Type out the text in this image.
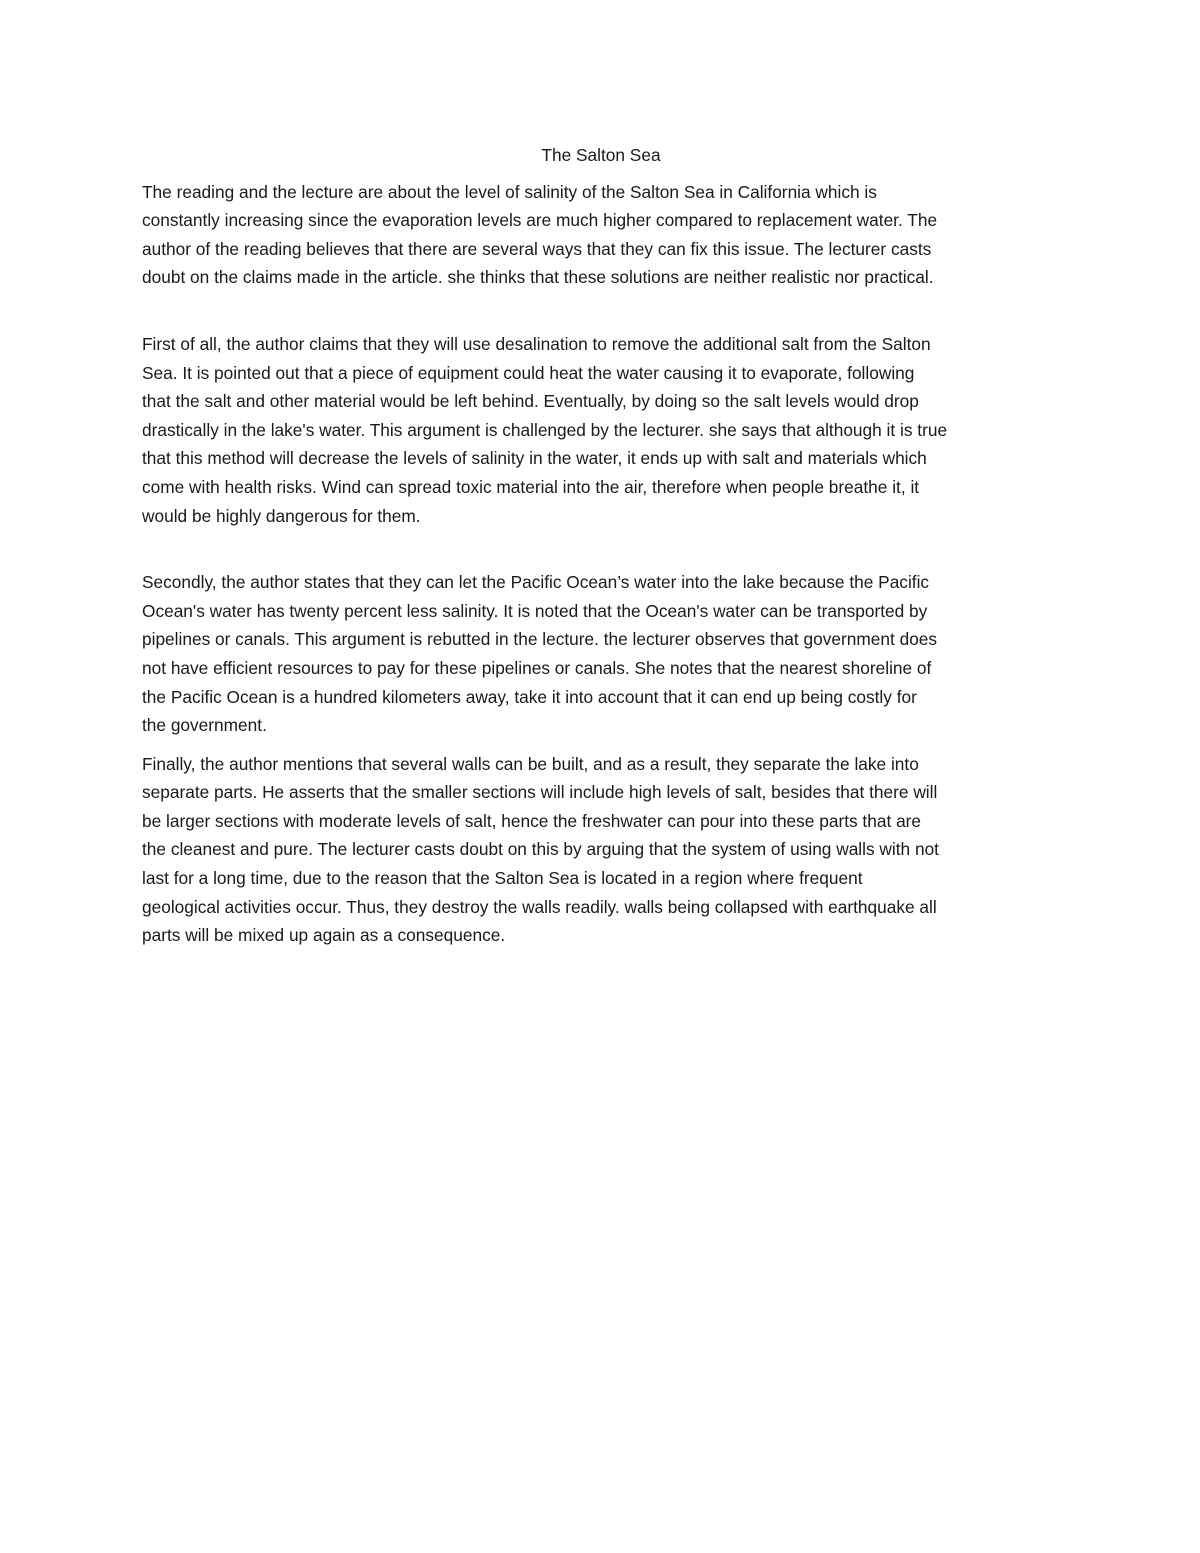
The Salton Sea

The reading and the lecture are about the level of salinity of the Salton Sea in California which is
constantly increasing since the evaporation levels are much higher compared to replacement water. The
author of the reading believes that there are several ways that they can fix this issue. The lecturer casts
doubt on the claims made in the article. she thinks that these solutions are neither realistic nor practical.

First of all, the author claims that they will use desalination to remove the additional salt from the Salton
Sea. It is pointed out that a piece of equipment could heat the water causing it to evaporate, following
that the salt and other material would be left behind. Eventually, by doing so the salt levels would drop
drastically in the lake's water. This argument is challenged by the lecturer. she says that although it is true
that this method will decrease the levels of salinity in the water, it ends up with salt and materials which
come with health risks. Wind can spread toxic material into the air, therefore when people breathe it, it
would be highly dangerous for them.

Secondly, the author states that they can let the Pacific Ocean’s water into the lake because the Pacific
Ocean's water has twenty percent less salinity. It is noted that the Ocean's water can be transported by
pipelines or canals. This argument is rebutted in the lecture. the lecturer observes that government does
not have efficient resources to pay for these pipelines or canals. She notes that the nearest shoreline of
the Pacific Ocean is a hundred kilometers away, take it into account that it can end up being costly for
the government.

Finally, the author mentions that several walls can be built, and as a result, they separate the lake into
separate parts. He asserts that the smaller sections will include high levels of salt, besides that there will
be larger sections with moderate levels of salt, hence the freshwater can pour into these parts that are
the cleanest and pure. The lecturer casts doubt on this by arguing that the system of using walls with not
last for a long time, due to the reason that the Salton Sea is located in a region where frequent
geological activities occur. Thus, they destroy the walls readily. walls being collapsed with earthquake all
parts will be mixed up again as a consequence.
